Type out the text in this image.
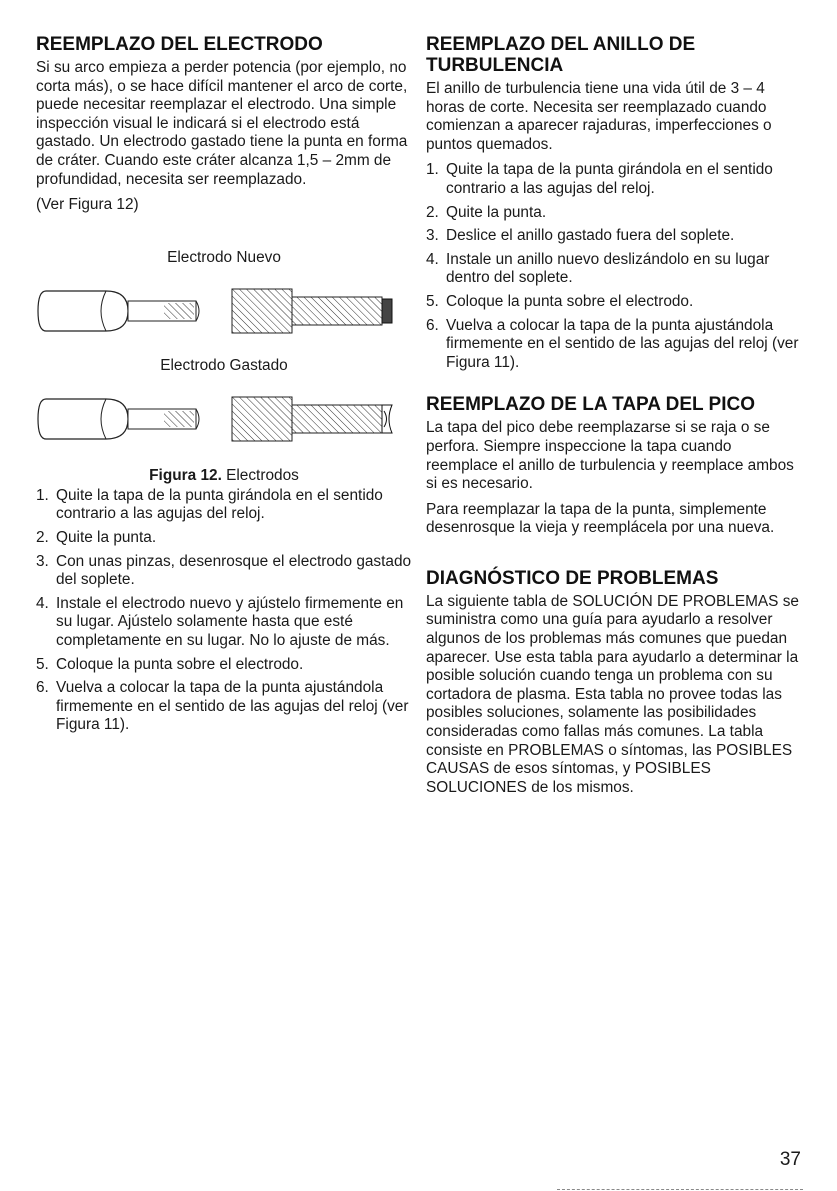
REEMPLAZO DEL ELECTRODO

Si su arco empieza a perder potencia (por ejemplo, no corta más), o se hace difícil mantener el arco de corte, puede necesitar reemplazar el electrodo. Una simple inspección visual le indicará si el electrodo está gastado. Un electrodo gastado tiene la punta en forma de cráter. Cuando este cráter alcanza 1,5 – 2mm de profundidad, necesita ser reemplazado.

(Ver Figura 12)

Electrodo Nuevo
Electrodo Gastado
Figura 12. Electrodos
1. Quite la tapa de la punta girándola en el sentido contrario a las agujas del reloj.
2. Quite la punta.
3. Con unas pinzas, desenrosque el electrodo gastado del soplete.
4. Instale el electrodo nuevo y ajústelo firmemente en su lugar. Ajústelo solamente hasta que esté completamente en su lugar. No lo ajuste de más.
5. Coloque la punta sobre el electrodo.
6. Vuelva a colocar la tapa de la punta ajustándola firmemente en el sentido de las agujas del reloj (ver Figura 11).
REEMPLAZO DEL ANILLO DE TURBULENCIA

El anillo de turbulencia tiene una vida útil de 3 – 4 horas de corte. Necesita ser reemplazado cuando comienzan a aparecer rajaduras, imperfecciones o puntos quemados.

1. Quite la tapa de la punta girándola en el sentido contrario a las agujas del reloj.
2. Quite la punta.
3. Deslice el anillo gastado fuera del soplete.
4. Instale un anillo nuevo deslizándolo en su lugar dentro del soplete.
5. Coloque la punta sobre el electrodo.
6. Vuelva a colocar la tapa de la punta ajustándola firmemente en el sentido de las agujas del reloj (ver Figura 11).
REEMPLAZO DE LA TAPA DEL PICO

La tapa del pico debe reemplazarse si se raja o se perfora. Siempre inspeccione la tapa cuando reemplace el anillo de turbulencia y reemplace ambos si es necesario.

Para reemplazar la tapa de la punta, simplemente desenrosque la vieja y reemplácela por una nueva.

DIAGNÓSTICO DE PROBLEMAS

La siguiente tabla de SOLUCIÓN DE PROBLEMAS se suministra como una guía para ayudarlo a resolver algunos de los problemas más comunes que puedan aparecer. Use esta tabla para ayudarlo a determinar la posible solución cuando tenga un problema con su cortadora de plasma. Esta tabla no provee todas las posibles soluciones, solamente las posibilidades consideradas como fallas más comunes. La tabla consiste en PROBLEMAS o síntomas, las POSIBLES CAUSAS de esos síntomas, y POSIBLES SOLUCIONES de los mismos.

37
